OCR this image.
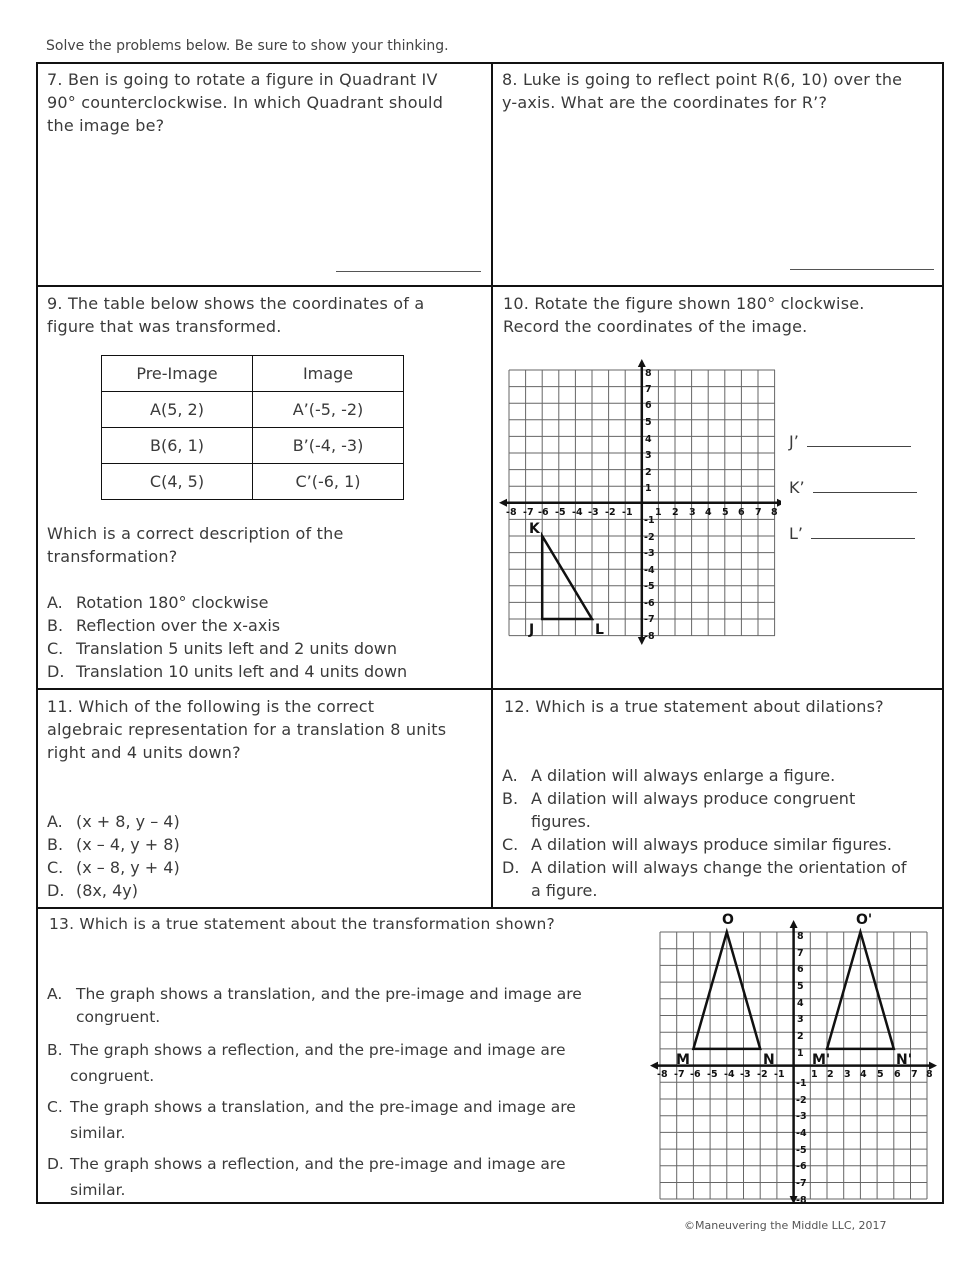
Solve the problems below. Be sure to show your thinking.
7. Ben is going to rotate a figure in Quadrant IV
90° counterclockwise. In which Quadrant should
the image be?
8. Luke is going to reflect point R(6, 10) over the
y-axis. What are the coordinates for R’?
9. The table below shows the coordinates of a
figure that was transformed.
Pre-Image	Image
A(5, 2)	A’(-5, -2)
B(6, 1)	B’(-4, -3)
C(4, 5)	C’(-6, 1)
Which is a correct description of the
transformation?
A. Rotation 180° clockwise
B. Reflection over the x-axis
C. Translation 5 units left and 2 units down
D. Translation 10 units left and 4 units down
10. Rotate the figure shown 180° clockwise.
Record the coordinates of the image.
-8 -7 -6 -5 -4 -3 -2 -1 1 2 3 4 5 6 7 8
8
7
6
5
4
3
2
1
-1
-2
-3
-4
-5
-6
-7
-8
K
J	L
J’
K’
L’
11. Which of the following is the correct
algebraic representation for a translation 8 units
right and 4 units down?
A. (x + 8, y – 4)
B. (x – 4, y + 8)
C. (x – 8, y + 4)
D. (8x, 4y)
12. Which is a true statement about dilations?
A. A dilation will always enlarge a figure.
B. A dilation will always produce congruent
figures.
C. A dilation will always produce similar figures.
D. A dilation will always change the orientation of
a figure.
13. Which is a true statement about the transformation shown?
A. The graph shows a translation, and the pre-image and image are
congruent.
B. The graph shows a reflection, and the pre-image and image are
congruent.
C. The graph shows a translation, and the pre-image and image are
similar.
D. The graph shows a reflection, and the pre-image and image are
similar.
-8 -7 -6 -5 -4 -3 -2 -1	1 2 3 4 5 6 7 8
8
7
6
5
4
3
2
1
-1
-2
-3
-4
-5
-6
-7
-8
O
M	N
O'
M'	N'
©Maneuvering the Middle LLC, 2017
